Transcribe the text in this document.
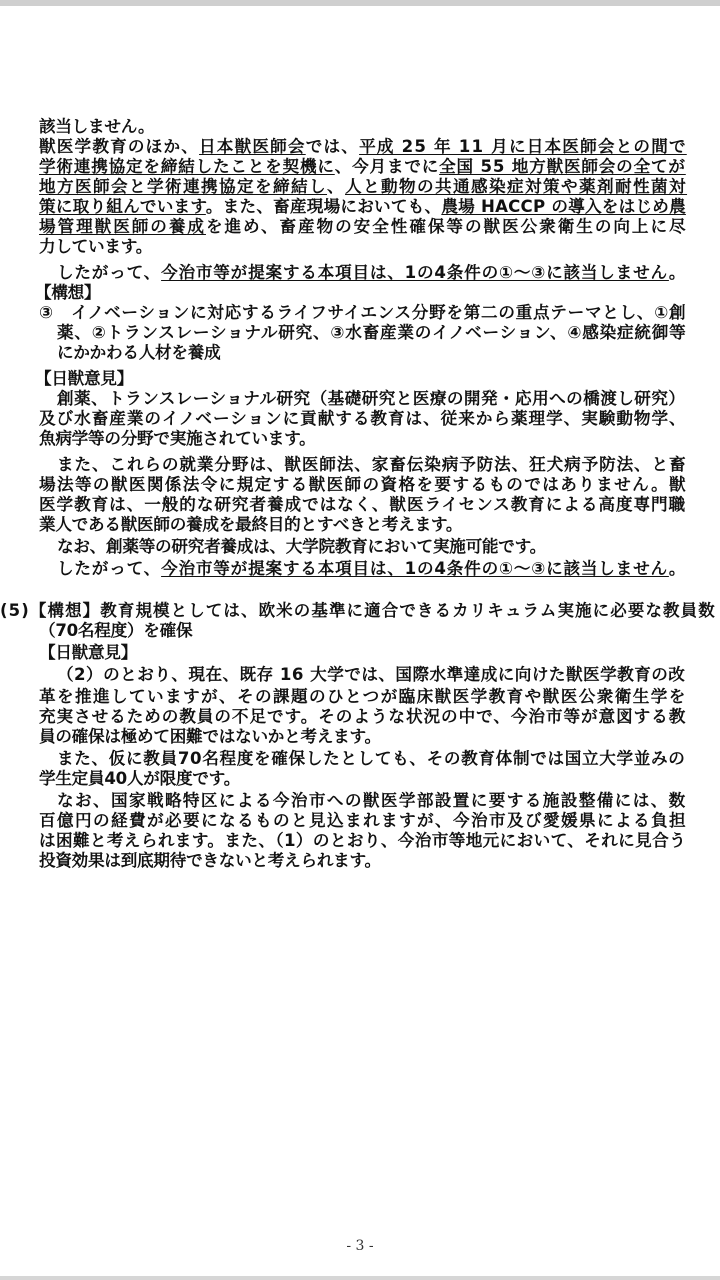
該当しません。
獣医学教育のほか、日本獣医師会では、平成 25 年 11 月に日本医師会との間で
学術連携協定を締結したことを契機に、今月までに全国 55 地方獣医師会の全てが
地方医師会と学術連携協定を締結し、人と動物の共通感染症対策や薬剤耐性菌対
策に取り組んでいます。また、畜産現場においても、農場 HACCP の導入をはじめ農
場管理獣医師の養成を進め、畜産物の安全性確保等の獣医公衆衛生の向上に尽
力しています。
したがって、今治市等が提案する本項目は、1の4条件の①～③に該当しません。
【構想】
③　イノベーションに対応するライフサイエンス分野を第二の重点テーマとし、①創
薬、②トランスレーショナル研究、③水畜産業のイノベーション、④感染症統御等
にかかわる人材を養成
【日獣意見】
創薬、トランスレーショナル研究（基礎研究と医療の開発・応用への橋渡し研究）
及び水畜産業のイノベーションに貢献する教育は、従来から薬理学、実験動物学、
魚病学等の分野で実施されています。
また、これらの就業分野は、獣医師法、家畜伝染病予防法、狂犬病予防法、と畜
場法等の獣医関係法令に規定する獣医師の資格を要するものではありません。獣
医学教育は、一般的な研究者養成ではなく、獣医ライセンス教育による高度専門職
業人である獣医師の養成を最終目的とすべきと考えます。
なお、創薬等の研究者養成は、大学院教育において実施可能です。
したがって、今治市等が提案する本項目は、1の4条件の①～③に該当しません。
(5)【構想】教育規模としては、欧米の基準に適合できるカリキュラム実施に必要な教員数
（70名程度）を確保
【日獣意見】
（2）のとおり、現在、既存 16 大学では、国際水準達成に向けた獣医学教育の改
革を推進していますが、その課題のひとつが臨床獣医学教育や獣医公衆衛生学を
充実させるための教員の不足です。そのような状況の中で、今治市等が意図する教
員の確保は極めて困難ではないかと考えます。
また、仮に教員70名程度を確保したとしても、その教育体制では国立大学並みの
学生定員40人が限度です。
なお、国家戦略特区による今治市への獣医学部設置に要する施設整備には、数
百億円の経費が必要になるものと見込まれますが、今治市及び愛媛県による負担
は困難と考えられます。また、（1）のとおり、今治市等地元において、それに見合う
投資効果は到底期待できないと考えられます。
- 3 -
